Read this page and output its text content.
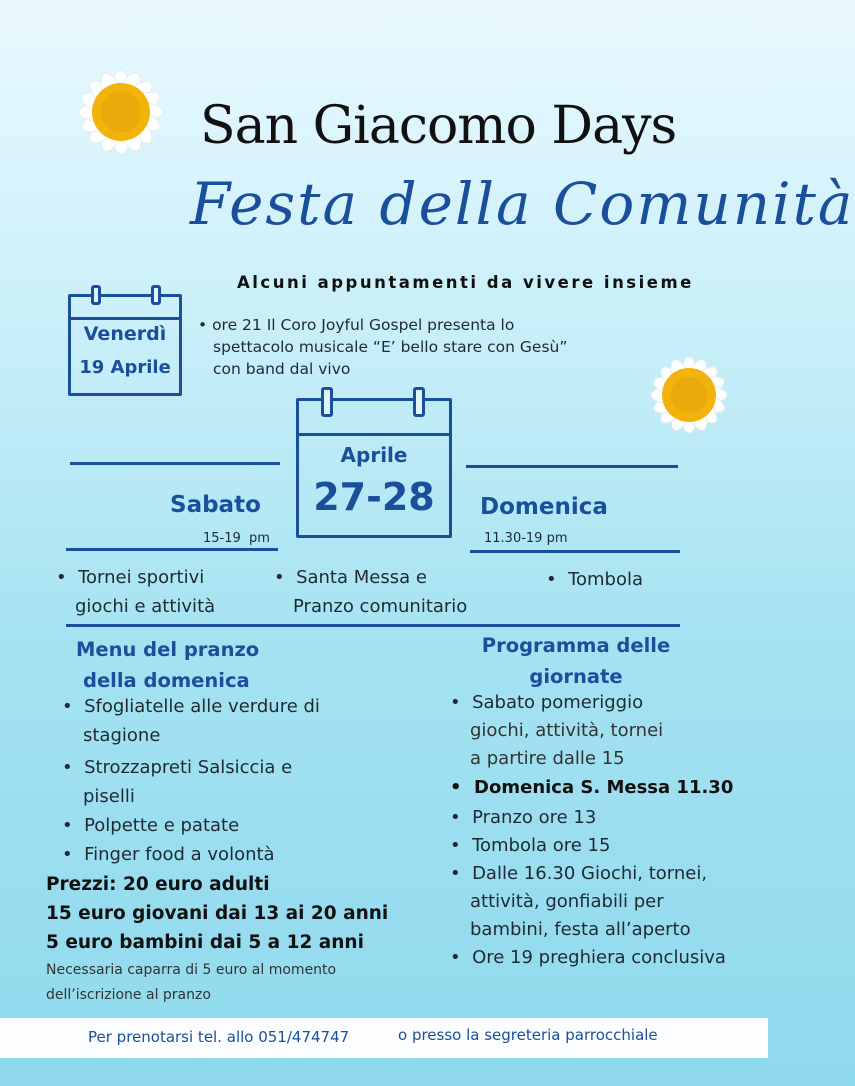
San Giacomo Days
Festa della Comunità
Alcuni appuntamenti da vivere insieme
Venerdì
19 Aprile
• ore 21 Il Coro Joyful Gospel presenta lo
spettacolo musicale “E’ bello stare con Gesù”
con band dal vivo
Aprile
27-28
Sabato
15-19  pm
Domenica
11.30-19 pm
•  Tornei sportivi
giochi e attività
•  Santa Messa e
Pranzo comunitario
•  Tombola
Menu del pranzo
della domenica
•  Sfogliatelle alle verdure di
stagione
•  Strozzapreti Salsiccia e
piselli
•  Polpette e patate
•  Finger food a volontà
Prezzi: 20 euro adulti
15 euro giovani dai 13 ai 20 anni
5 euro bambini dai 5 a 12 anni
Necessaria caparra di 5 euro al momento
dell’iscrizione al pranzo
Programma delle
giornate
•  Sabato pomeriggio
giochi, attività, tornei
a partire dalle 15
•  Domenica S. Messa 11.30
•  Pranzo ore 13
•  Tombola ore 15
•  Dalle 16.30 Giochi, tornei,
attività, gonfiabili per
bambini, festa all’aperto
•  Ore 19 preghiera conclusiva
Per prenotarsi tel. allo 051/474747	o presso la segreteria parrocchiale
